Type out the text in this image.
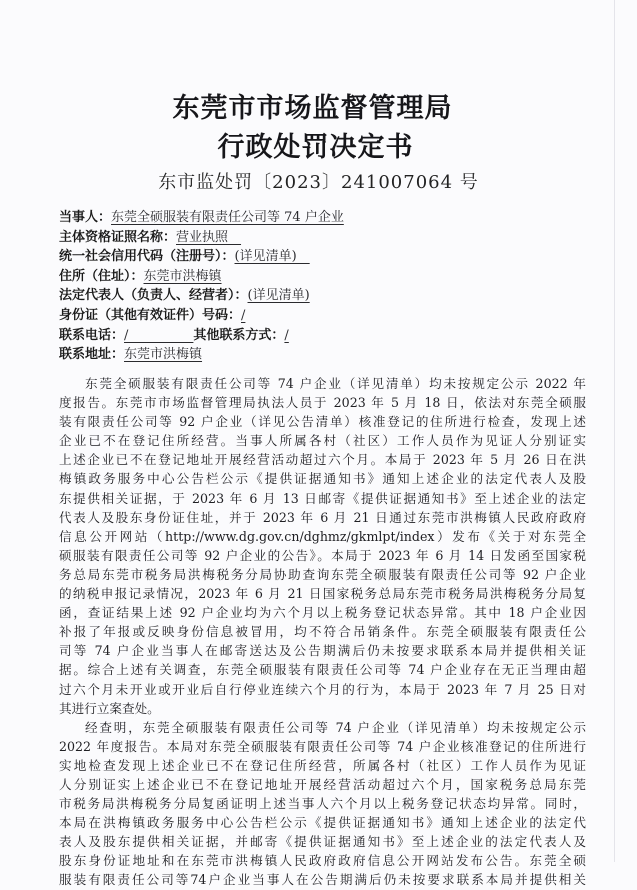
东莞市市场监督管理局
行政处罚决定书
东市监处罚〔2023〕241007064 号
当事人：东莞全硕服装有限责任公司等 74 户企业
主体资格证照名称：营业执照　
统一社会信用代码（注册号）：(详见清单)　
住所（住址）：东莞市洪梅镇
法定代表人（负责人、经营者）：(详见清单)
身份证（其他有效证件）号码：/
联系电话：/　　　　　其他联系方式：/
联系地址：东莞市洪梅镇
东莞全硕服装有限责任公司等 74 户企业（详见清单）均未按规定公示 2022 年
度报告。东莞市市场监督管理局执法人员于 2023 年 5 月 18 日，依法对东莞全硕服
装有限责任公司等 92 户企业（详见公告清单）核准登记的住所进行检查，发现上述
企业已不在登记住所经营。当事人所属各村（社区）工作人员作为见证人分别证实
上述企业已不在登记地址开展经营活动超过六个月。本局于 2023 年 5 月 26 日在洪
梅镇政务服务中心公告栏公示《提供证据通知书》通知上述企业的法定代表人及股
东提供相关证据，于 2023 年 6 月 13 日邮寄《提供证据通知书》至上述企业的法定
代表人及股东身份证住址，并于 2023 年 6 月 21 日通过东莞市洪梅镇人民政府政府
信息公开网站（http://www.dg.gov.cn/dghmz/gkmlpt/index）发布《关于对东莞全
硕服装有限责任公司等 92 户企业的公告》。本局于 2023 年 6 月 14 日发函至国家税
务总局东莞市税务局洪梅税务分局协助查询东莞全硕服装有限责任公司等 92 户企业
的纳税申报记录情况，2023 年 6 月 21 日国家税务总局东莞市税务局洪梅税务分局复
函，查证结果上述 92 户企业均为六个月以上税务登记状态异常。其中 18 户企业因
补报了年报或反映身份信息被冒用，均不符合吊销条件。东莞全硕服装有限责任公
司等 74 户企业当事人在邮寄送达及公告期满后仍未按要求联系本局并提供相关证
据。综合上述有关调查，东莞全硕服装有限责任公司等 74 户企业存在无正当理由超
过六个月未开业或开业后自行停业连续六个月的行为，本局于 2023 年 7 月 25 日对
其进行立案查处。
经查明，东莞全硕服装有限责任公司等 74 户企业（详见清单）均未按规定公示
2022 年度报告。本局对东莞全硕服装有限责任公司等 74 户企业核准登记的住所进行
实地检查发现上述企业已不在登记住所经营，所属各村（社区）工作人员作为见证
人分别证实上述企业已不在登记地址开展经营活动超过六个月，国家税务总局东莞
市税务局洪梅税务分局复函证明上述当事人六个月以上税务登记状态均异常。同时，
本局在洪梅镇政务服务中心公告栏公示《提供证据通知书》通知上述企业的法定代
表人及股东提供相关证据，并邮寄《提供证据通知书》至上述企业的法定代表人及
股东身份证地址和在东莞市洪梅镇人民政府政府信息公开网站发布公告。东莞全硕
服装有限责任公司等74户企业当事人在公告期满后仍未按要求联系本局并提供相关
